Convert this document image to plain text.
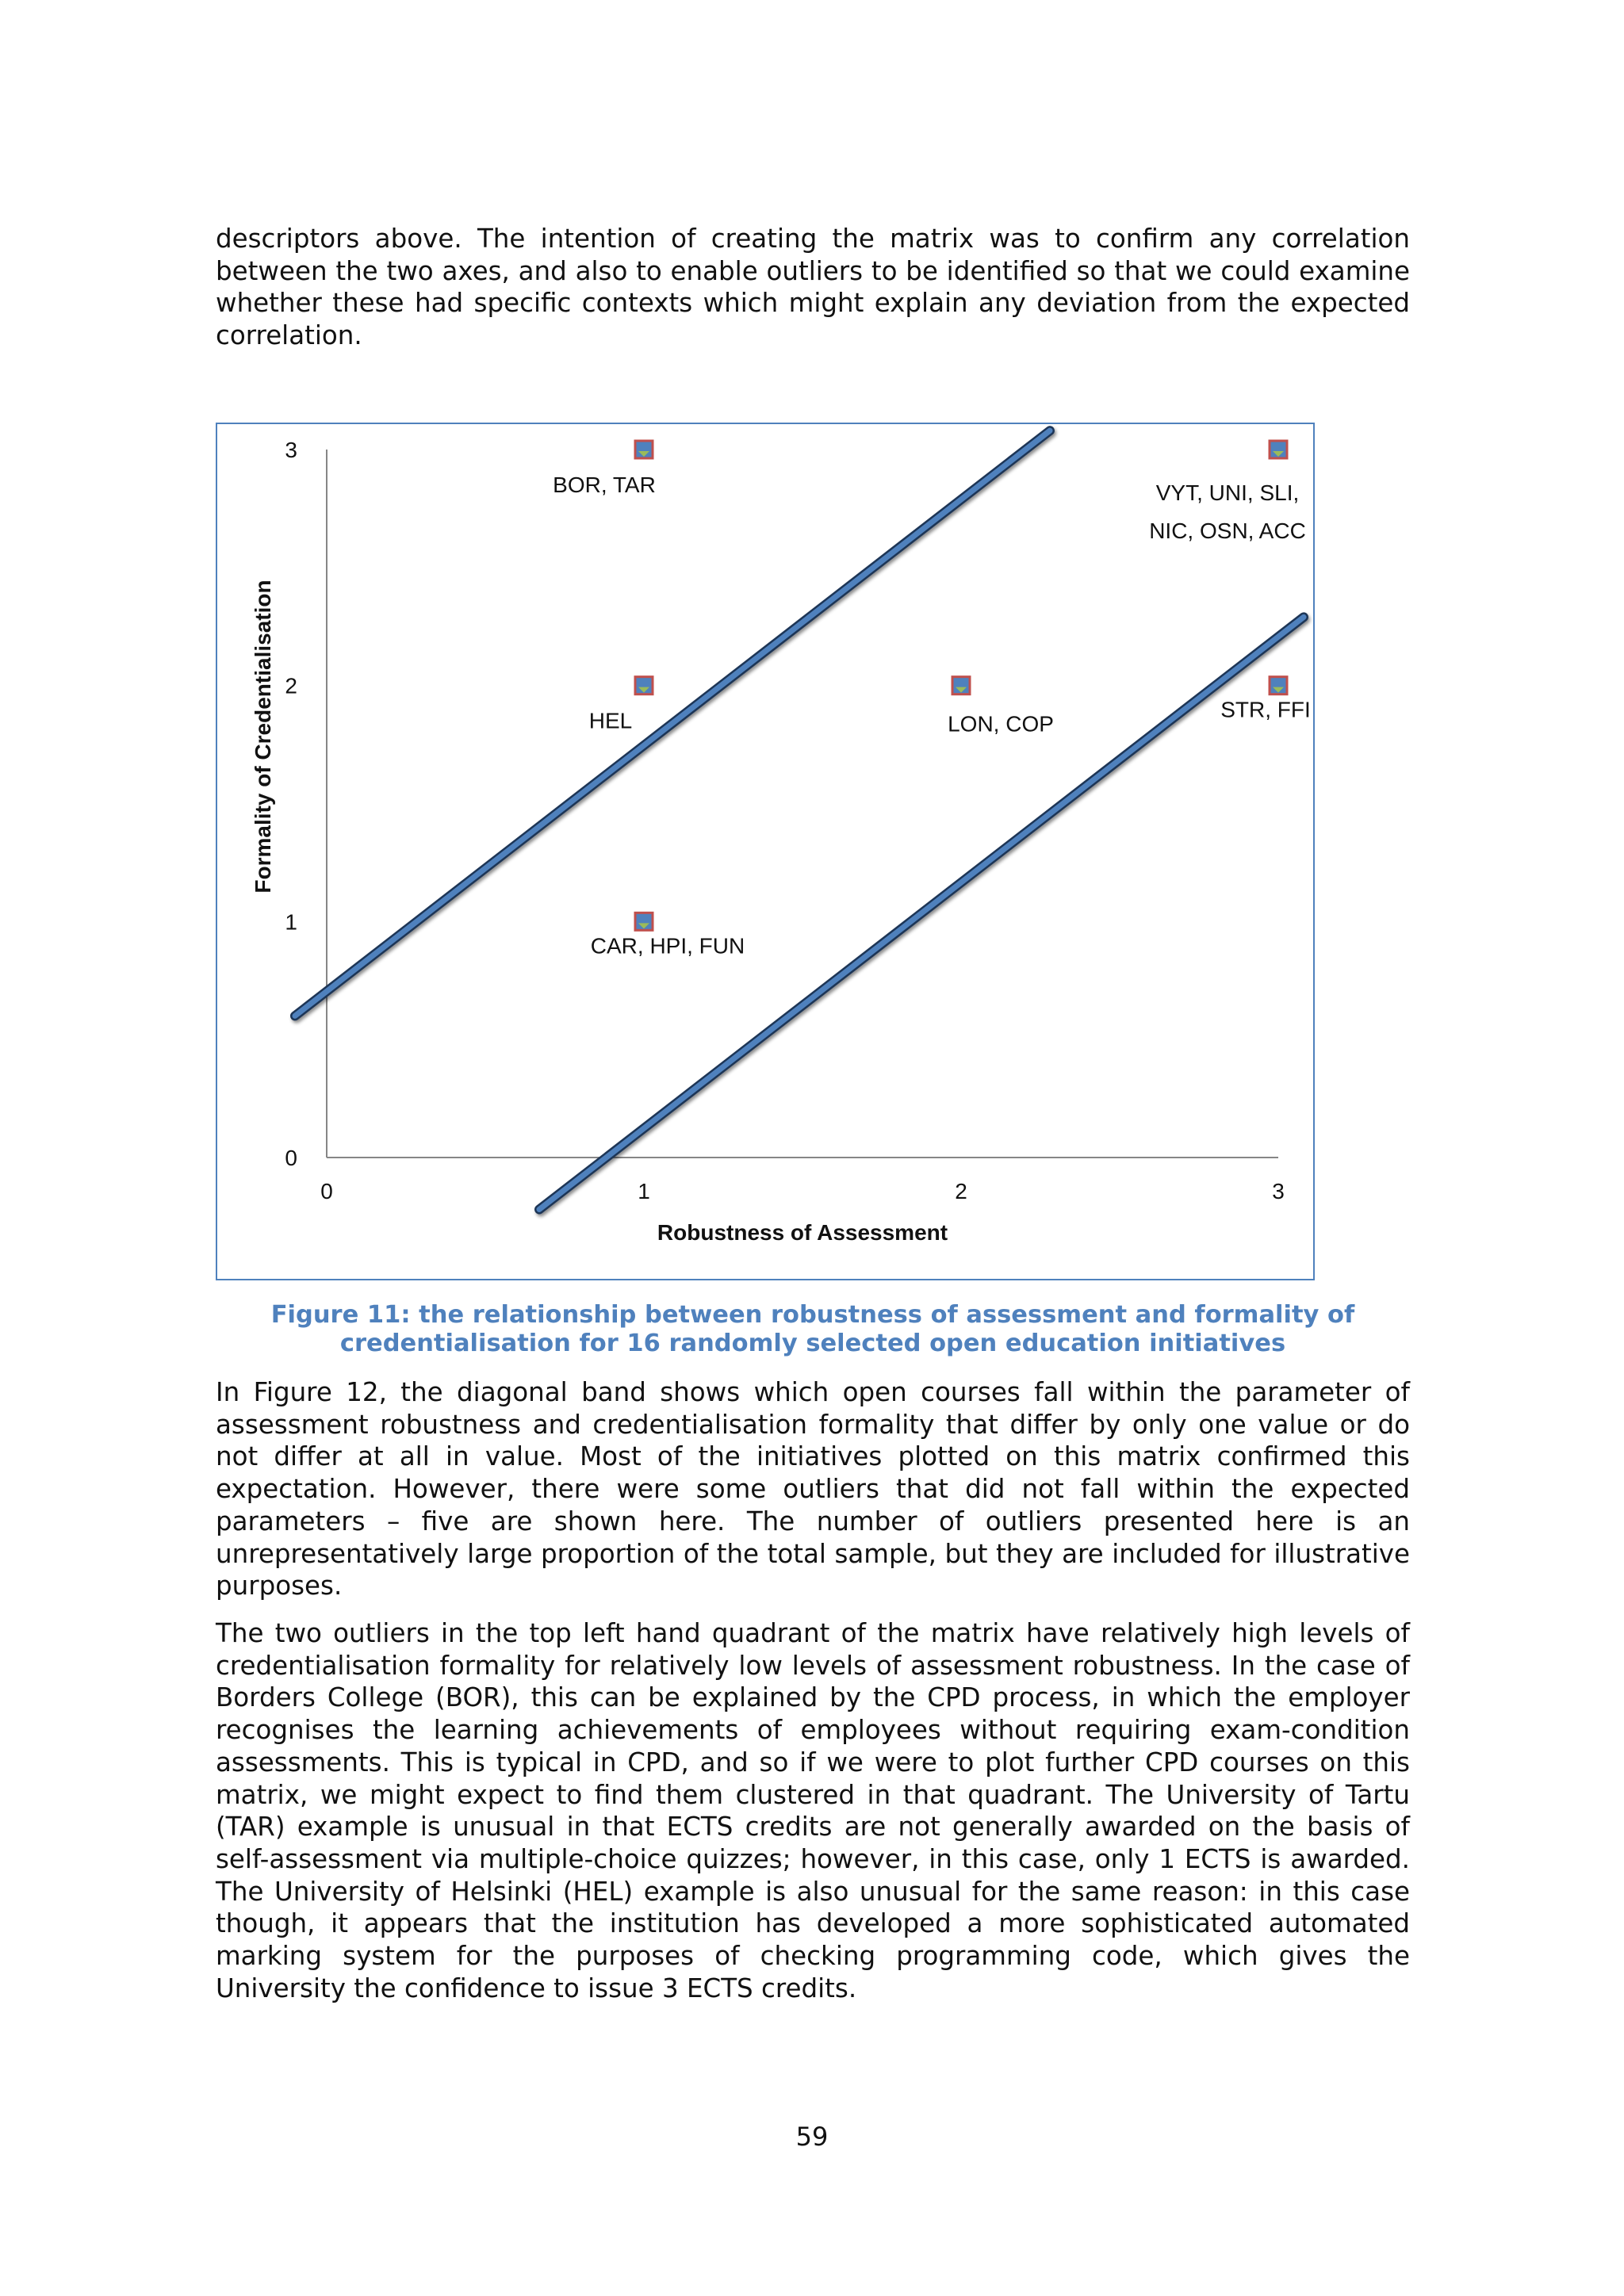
descriptors above. The intention of creating the matrix was to confirm any correlation between the two axes, and also to enable outliers to be identified so that we could examine whether these had specific contexts which might explain any deviation from the expected correlation.

0	1	2	3
0
1
2
3
BOR, TAR	VYT, UNI, SLI,
NIC, OSN, ACC
HEL	LON, COP
STR, FFI
CAR, HPI, FUN
Robustness of Assessment
Formality of Credentialisation
Figure 11: the relationship between robustness of assessment and formality of
credentialisation for 16 randomly selected open education initiatives

In Figure 12, the diagonal band shows which open courses fall within the parameter of assessment robustness and credentialisation formality that differ by only one value or do not differ at all in value. Most of the initiatives plotted on this matrix confirmed this expectation. However, there were some outliers that did not fall within the expected parameters – five are shown here. The number of outliers presented here is an unrepresentatively large proportion of the total sample, but they are included for illustrative purposes.

The two outliers in the top left hand quadrant of the matrix have relatively high levels of credentialisation formality for relatively low levels of assessment robustness. In the case of Borders College (BOR), this can be explained by the CPD process, in which the employer recognises the learning achievements of employees without requiring exam-condition assessments. This is typical in CPD, and so if we were to plot further CPD courses on this matrix, we might expect to find them clustered in that quadrant. The University of Tartu (TAR) example is unusual in that ECTS credits are not generally awarded on the basis of self-assessment via multiple-choice quizzes; however, in this case, only 1 ECTS is awarded. The University of Helsinki (HEL) example is also unusual for the same reason: in this case though, it appears that the institution has developed a more sophisticated automated marking system for the purposes of checking programming code, which gives the University the confidence to issue 3 ECTS credits.

59
